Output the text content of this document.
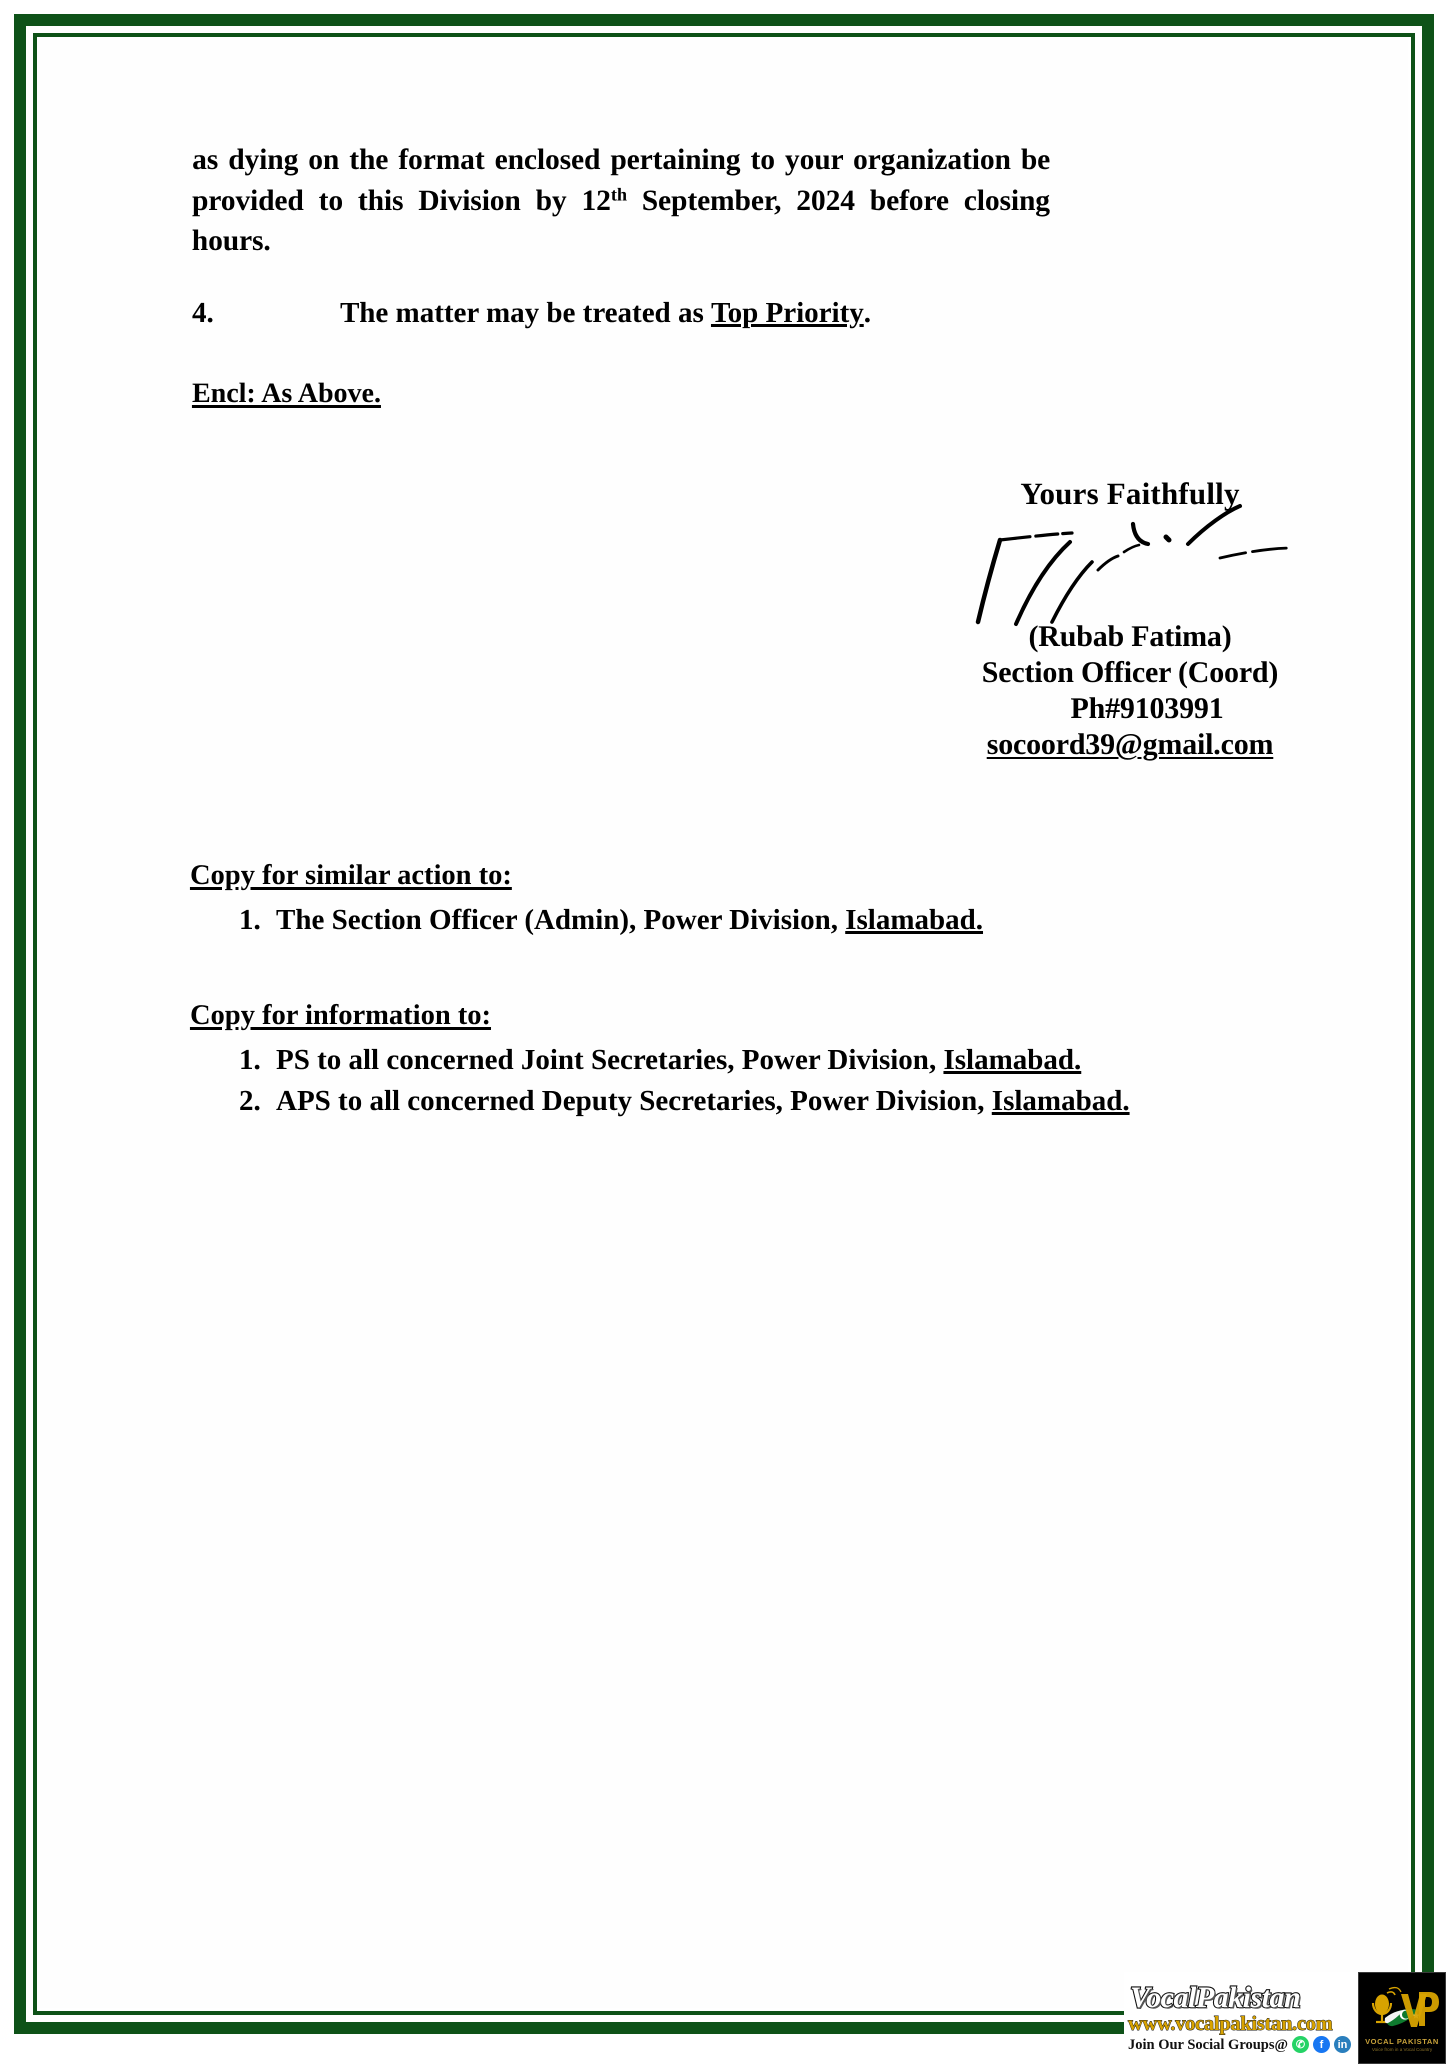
as dying on the format enclosed pertaining to your organization be provided to this Division by 12th September, 2024 before closing hours.
4.	The matter may be treated as Top Priority.
Encl: As Above.

Yours Faithfully

(Rubab Fatima)

Section Officer (Coord)

Ph#9103991

socoord39@gmail.com

Copy for similar action to:
1. The Section Officer (Admin), Power Division, Islamabad.
Copy for information to:
1. PS to all concerned Joint Secretaries, Power Division, Islamabad.
2. APS to all concerned Deputy Secretaries, Power Division, Islamabad.
VocalPakistan
www.vocalpakistan.com
Join Our Social Groups@ ✆	f	in	VOCAL PAKISTAN
Voice from in a Vocal Country
